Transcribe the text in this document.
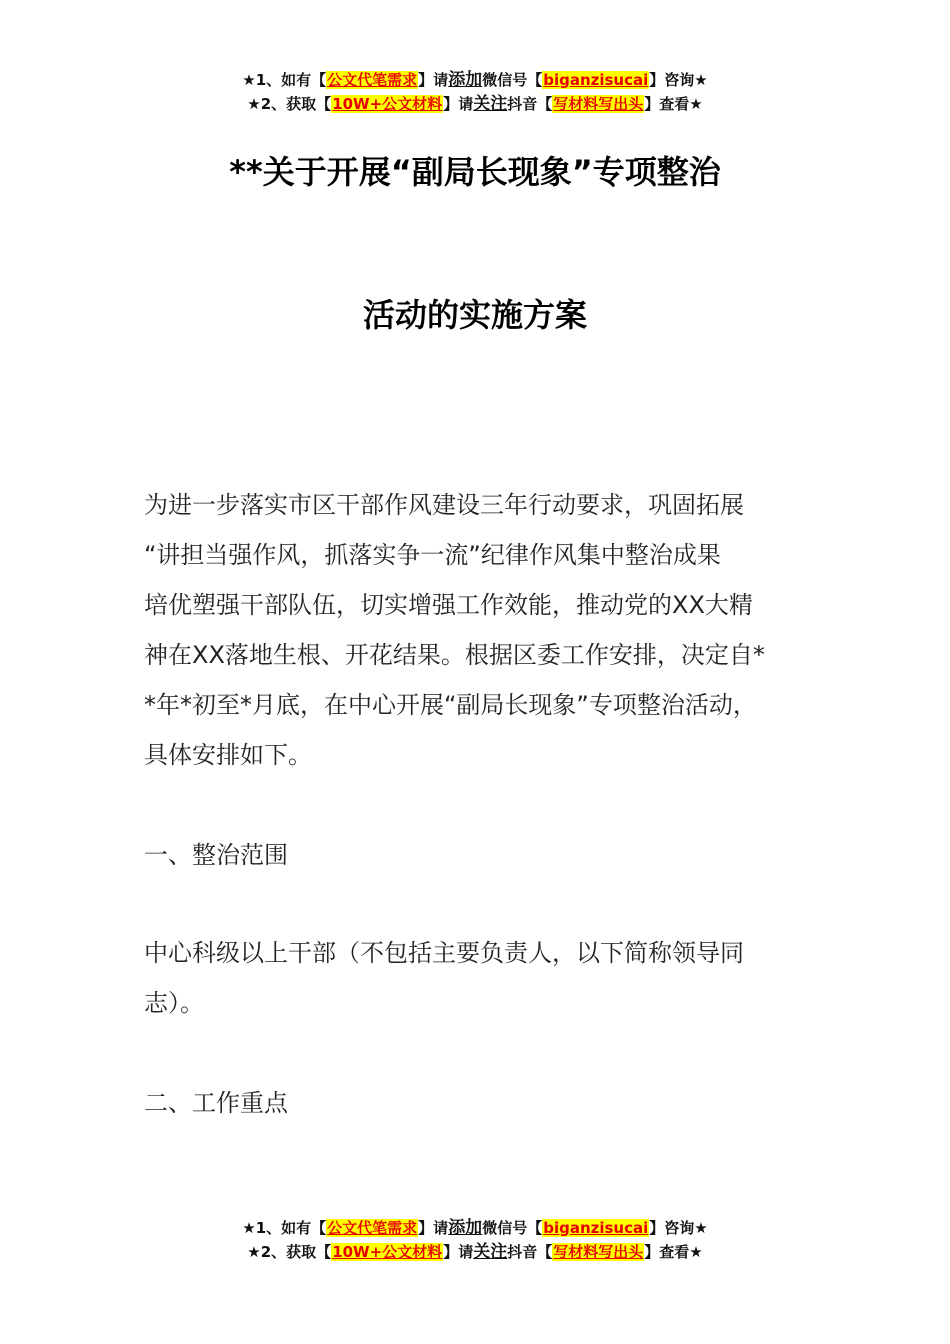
★1、如有【公文代笔需求】请添加微信号【biganzisucai】咨询★
★2、获取【10W+公文材料】请关注抖音【写材料写出头】查看★
**关于开展“副局长现象”专项整治
活动的实施方案
为进一步落实市区干部作风建设三年行动要求，巩固拓展
“讲担当强作风，抓落实争一流”纪律作风集中整治成果
培优塑强干部队伍，切实增强工作效能，推动党的XX大精
神在XX落地生根、开花结果。根据区委工作安排，决定自*
*年*初至*月底，在中心开展“副局长现象”专项整治活动，
具体安排如下。
一、整治范围
中心科级以上干部（不包括主要负责人，以下简称领导同
志）。
二、工作重点
★1、如有【公文代笔需求】请添加微信号【biganzisucai】咨询★
★2、获取【10W+公文材料】请关注抖音【写材料写出头】查看★
